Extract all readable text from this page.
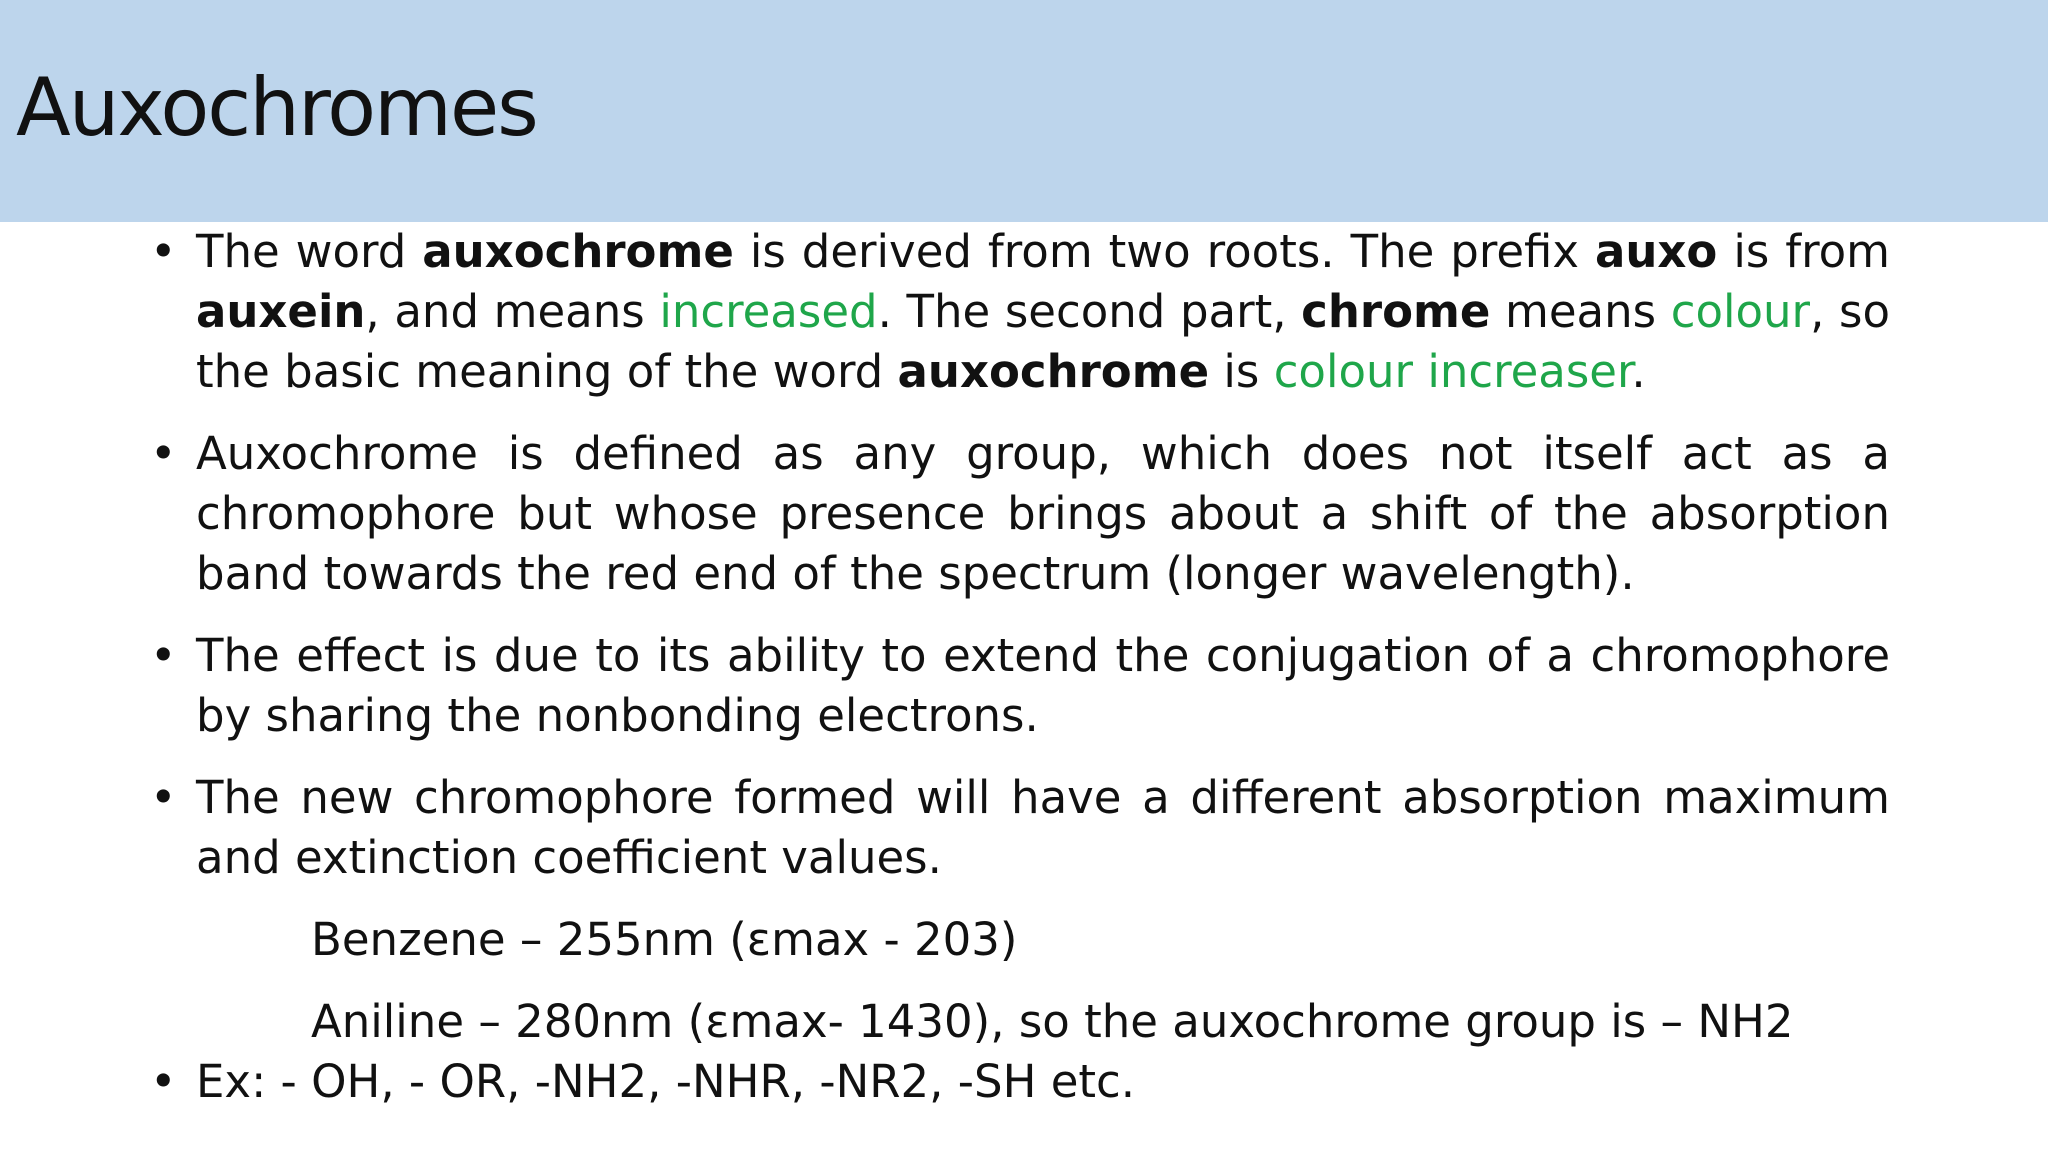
Auxochromes
• The word auxochrome is derived from two roots. The prefix auxo is from auxein, and means increased. The second part, chrome means colour, so the basic meaning of the word auxochrome is colour increaser.
• Auxochrome is defined as any group, which does not itself act as a chromophore but whose presence brings about a shift of the absorption band towards the red end of the spectrum (longer wavelength).
• The effect is due to its ability to extend the conjugation of a chromophore by sharing the nonbonding electrons.
• The new chromophore formed will have a different absorption maximum and extinction coefficient values.
Benzene – 255nm (εmax - 203)
Aniline – 280nm (εmax- 1430), so the auxochrome group is – NH2
• Ex: - OH, - OR, -NH2, -NHR, -NR2, -SH etc.
